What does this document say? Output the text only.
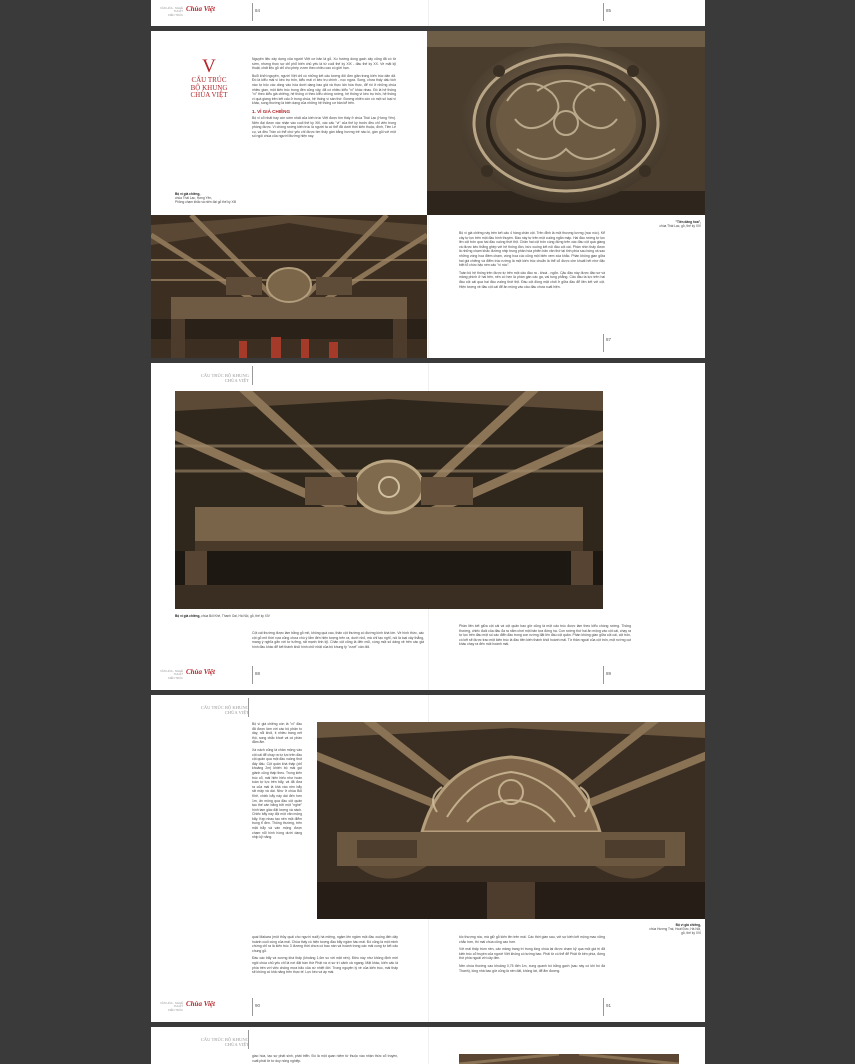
VĂN HÓA - NGHỆ THUẬT
KIẾN TRÚC
Chùa Việt	84	85
V
CẤU TRÚC
BỘ KHUNG
CHÙA VIỆT

Nguyên liệu xây dựng của người Việt cơ bản là gỗ. Xu hướng dùng gạch xây cũng đã có từ sớm, nhưng thực sự chỉ phổ biến chủ yếu là từ cuối thế kỷ XIX - đầu thế kỷ XX. Về mặt kỹ thuật, chất liệu gỗ chỉ cho phép vươn theo chiều cao có giới hạn.

Buổi khởi nguyên, người Việt chỉ có những kết cấu tương đối đơn giản trong kiến trúc dân dã. Đó là kiểu mái vì kèo trụ trốn, kiểu mái vì kèo trụ chính - nọc ngựa. Song, chưa thấy dấu tích nào tự bộc các dòng vào hóa dưới dạng bao giả và thực lấn hóa thực, để rồi ở những chùa nhiều gian, một kiến trúc trong đền cũng vậy, đã có nhiều kiểu "vì" khác nhau. Đó là hệ thống "vì" theo kiểu giá chiêng, hệ thống vì theo kiểu chồng rường, hệ thống vì kèo trụ trốn, hệ thống vì quá giang trên kết cấu ở trong chùa, hệ thống vì sàn thờ. Đương nhiên còn có một số loại vì khác, song thường là biến dạng của những hệ thống cơ bản kể trên.

1. VÌ GIÁ CHIÊNG

Bộ vì cổ nhất hay còn sớm nhất của kiến trúc Việt được tìm thấy ở chùa Thái Lạc (Hưng Yên). Niên đại được xác nhận vào cuối thế kỷ XIII, các cấu "vì" của thế kỷ trước đều chỉ viên trong phòng được. Vì chồng rường kiến trúc là người ta có thể đã dưới thời kiến thuộc, đình, Tiền Lê cụ, và đều Trần có thể chứ yếu chỉ được tìm thấy gần bằng hương trê nào kì, gần gũi với một số ngôi chùa của người Mường hiện nay.

Bộ vì giá chiêng,
chùa Thái Lạc, Hưng Yên,
Phỏng chạm khắc và niên đại gỗ thế kỷ XIII
"Tiên dâng hoa",
chùa Thái Lạc, gỗ, thế kỷ XIV

Bộ vì giá chiêng này trên kết cấu 4 hàng chân cột. Trên đỉnh là một thượng lương (nọc nóc). Kể cây tự lực trên một đầu hình thuyền. Đầu này tự trên một cuống ngắn mập. Hai đầu rường tự lực lên cột trốn qua hai đầu vuông thời thịt. Chân hai cột trốn cùng đứng trên các đầu cột quá giang và được kéo thẳng ghép với hệ thống đồn, bức xuống kết nối đầu cột cài. Phần nhìn thấy được là những chạm khắc đường nhịp trung phân hóa phiên bản văn thờ tại tinh phía sau bóng và sau những vòng hoa điềm chạm, vòng hoa cúc cũng một biến xem xóa khắc. Phần không gian giữa hai giá chiêng và điểm trúc rường là một kiến trúc chuẩn là thể cổ được che khuất hết nhờ đặc biệt tổ chức bậc nền cấu "vì nóc".

Toàn bộ hệ thống trên được tự trên một câu đầu ra - khoá - ngõn. Câu đầu này được đào sơ và mảng phình ở hai bên, nên có hẹn là phần gần các ga, vai tung phẳng. Câu đầu ta lực trên hai đầu cột cái qua hai đầu vuông thời thịt. Đầu cột đồng mặt chốt ở giữa đầu để liên kết với cột. Hiện tượng về đầu cột cài để ăn mộng vào câu đầu chưa xuất hiện.

87
CẤU TRÚC BỘ KHUNG
CHÙA VIỆT
Bộ vì giá chiêng, chùa Bối Khê, Thanh Oai, Hà Nội, gỗ, thế kỷ XIV

Cột cái thường được làm bằng gỗ mít, không quá cao, thân cột thường có đường kính khá lớn. Về hình thức, các cột gỗ mít thời xưa cũng chưa chú ý lắm đến hiện tượng trên ra, dưới nhỏ, mà chỉ tạo nghĩ, nói là loại cây thẳng, mang ý nghĩa gắn với tư tưởng, rất mạnh tính kỹ. Chân cột cũng là đến mũi, cùng một số dáng vẻ trên các giá hình đầu khác để kết thành khối hình chữ nhật của bộ khung tỳ "vượt" cân đối.

Phần liên kết giữa cột cái và cột quân bao giờ cũng là một cấu trúc được làm theo kiểu chồng rường. Thông thường, chiếc đuôi của đầu ổa ra nắm chơi một bản tựa đứng hạ. Con rường thứ hai ăn mộng vào cột cái, chạy ra tự lực trên đầu một số các điển đầu trong con rường đặt lên đầu cột quân. Phần không gian giữa cột cái, cột trốn, có kết sẽ được trao một kiến trúc lá đầu tiên kiến thành khối hoành mái. Từ thân ngoài của cột trốn, một rường cụt khác chạy ra đến một hoành mái.

VĂN HÓA - NGHỆ THUẬT
KIẾN TRÚC
Chùa Việt	88	89
CẤU TRÚC BỘ KHUNG
CHÙA VIỆT

Bộ vì giá chiêng còn là "vì" đầu đã được làm với các bộ phận to dày, nổi khối, ít nhiều trang nét thô, song chắc khoẻ và có phần đẫm ẩm.

Xà nách cũng là chân mộng vào cột cái để chạy ra tự lực trên đầu cột quân qua một đầu vuông thót đấy đấu. Cột quân khá thấp (chỉ khoảng 2m) khiến bộ mái gọi giành cũng thấp theo. Trong kiến trúc cổ, mái hiên hiếu như hoàn toàn tự lực trên bẩy, và đã đưa ra của mái là khá vào nền bẩy rất mập và dài. Như ở chùa Bối Khê, chiếc bẩy này dài đến hơn 1m, ăn mộng qua đầu cột quân tạo thế cân bằng bởi một "nghé" hình tam giác đặt lượng xà nách. Chiếc bẩy này đội một văn mộng bẩy. Kẹp nhau tạo nên một điểm trung tĩ đen. Thông thường, trên mặt bẩy và ván mộng được chạm nổi hình hồng dưới dạng nhịp kỹ năng.

Bộ vì giá chiêng,
chùa Hương Trai, Hoài Đức, Hà Nội,
gỗ, thế kỷ XVI

quai Makara (một thủy quái cho người nuốt) hà miệng, ngậm lên ngâm một đầu xuống đến dây hoành cuối cùng của mái. Chùa thấy có hiện tượng đầu bẩy ngậm hàu mái. Đó cũng là một minh chứng chỉ ra là kiến trúc 3 đương thời chưa có bao nán và hoành trong các mái cong tự kết cấu chung gỗ.

Đầu các bẩy và xương khá thấp (khoảng 1,6m so với mặt nền). Điều này như không định mời ngôi chùa chủ yếu chỉ là nơi đặt bàn thờ Phật và vị sư trì cảnh cả ngang. Mặt khác, kiến cấu là phía trên với việc chống mưa bão của xứ nhiệt đới. Trong nguyên lý về của kiến trúc, mái thấp sẽ không có khả năng trên thực tế. Lực kéo và áp mái.

tốc thượng nóc, mà giữ gỗ kiến lên trên mái. Các thời gian sau, với sự kiến kết mộng mao vững chắc hơn, thì mái chùa cũng cao hơn.

Với mái thấp trùm nền, các mảng trang trí trong lòng chùa lại được chạm kỹ qua một giá trị đã kiến trúc cổ truyền của người Việt không có tường bao. Phải từ có thể để Phật tử bên phía, đứng thứ phía ngoài với cây đen.

Nền chùa thường cao khoảng 0,75 đến 1m, xung quanh bó bằng gạch (sau này có khi bó đá Thanh), lòng nhà bao giờ cũng là nền đất, không lát, để ẩm đương.

VĂN HÓA - NGHỆ THUẬT
KIẾN TRÚC
Chùa Việt	90	91
CẤU TRÚC BỘ KHUNG
CHÙA VIỆT

giao hòa, tạo sự phát sinh, phát triển. Đó là một quan niệm từ thuộc vào nhận thức cổ truyền, xuất phát từ tư duy nông nghiệp.
